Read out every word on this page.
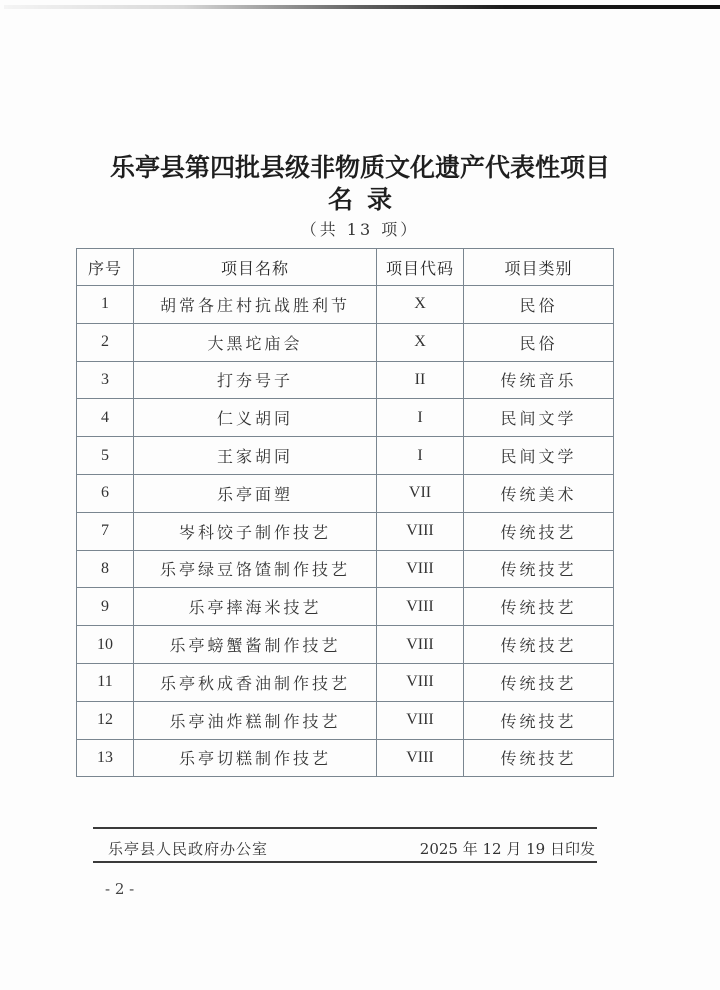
乐亭县第四批县级非物质文化遗产代表性项目
名录
（共 13 项）
序号	项目名称	项目代码	项目类别
1	胡常各庄村抗战胜利节	X	民俗
2	大黑坨庙会	X	民俗
3	打夯号子	II	传统音乐
4	仁义胡同	I	民间文学
5	王家胡同	I	民间文学
6	乐亭面塑	VII	传统美术
7	岑科饺子制作技艺	VIII	传统技艺
8	乐亭绿豆饹馇制作技艺	VIII	传统技艺
9	乐亭摔海米技艺	VIII	传统技艺
10	乐亭螃蟹酱制作技艺	VIII	传统技艺
11	乐亭秋成香油制作技艺	VIII	传统技艺
12	乐亭油炸糕制作技艺	VIII	传统技艺
13	乐亭切糕制作技艺	VIII	传统技艺
乐亭县人民政府办公室	2025 年 12 月 19 日印发
- 2 -
